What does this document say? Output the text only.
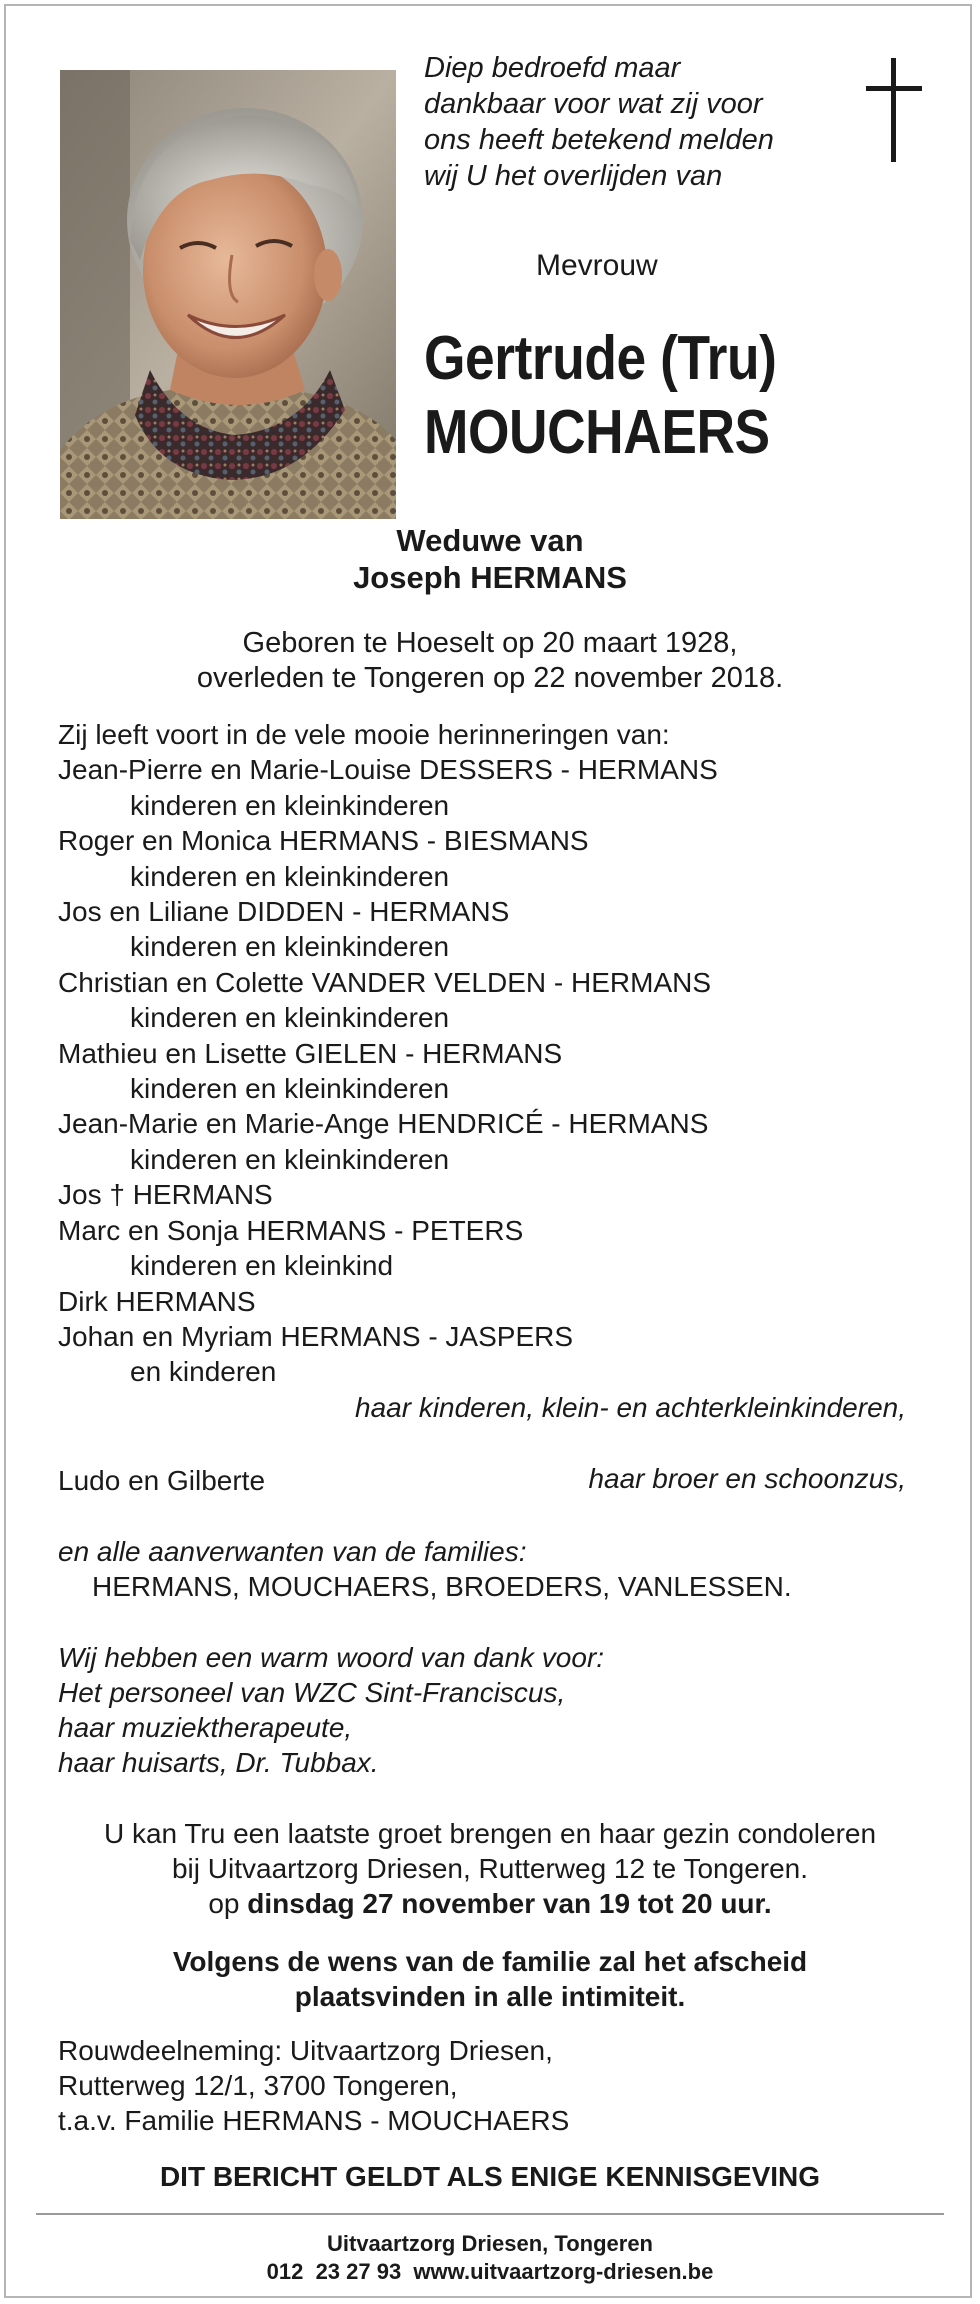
Diep bedroefd maar
dankbaar voor wat zij voor
ons heeft betekend melden
wij U het overlijden van
Mevrouw
Gertrude (Tru)
MOUCHAERS
Weduwe van
Joseph HERMANS
Geboren te Hoeselt op 20 maart 1928,
overleden te Tongeren op 22 november 2018.
Zij leeft voort in de vele mooie herinneringen van:
Jean-Pierre en Marie-Louise DESSERS - HERMANS
kinderen en kleinkinderen
Roger en Monica HERMANS - BIESMANS
kinderen en kleinkinderen
Jos en Liliane DIDDEN - HERMANS
kinderen en kleinkinderen
Christian en Colette VANDER VELDEN - HERMANS
kinderen en kleinkinderen
Mathieu en Lisette GIELEN - HERMANS
kinderen en kleinkinderen
Jean-Marie en Marie-Ange HENDRICÉ - HERMANS
kinderen en kleinkinderen
Jos † HERMANS
Marc en Sonja HERMANS - PETERS
kinderen en kleinkind
Dirk HERMANS
Johan en Myriam HERMANS - JASPERS
en kinderen
haar kinderen, klein- en achterkleinkinderen,
Ludo en Gilberte	haar broer en schoonzus,
en alle aanverwanten van de families:
HERMANS, MOUCHAERS, BROEDERS, VANLESSEN.
Wij hebben een warm woord van dank voor:
Het personeel van WZC Sint-Franciscus,
haar muziektherapeute,
haar huisarts, Dr. Tubbax.
U kan Tru een laatste groet brengen en haar gezin condoleren
bij Uitvaartzorg Driesen, Rutterweg 12 te Tongeren.
op dinsdag 27 november van 19 tot 20 uur.
Volgens de wens van de familie zal het afscheid
plaatsvinden in alle intimiteit.
Rouwdeelneming: Uitvaartzorg Driesen,
Rutterweg 12/1, 3700 Tongeren,
t.a.v. Familie HERMANS - MOUCHAERS
DIT BERICHT GELDT ALS ENIGE KENNISGEVING
Uitvaartzorg Driesen, Tongeren
012  23 27 93  www.uitvaartzorg-driesen.be
